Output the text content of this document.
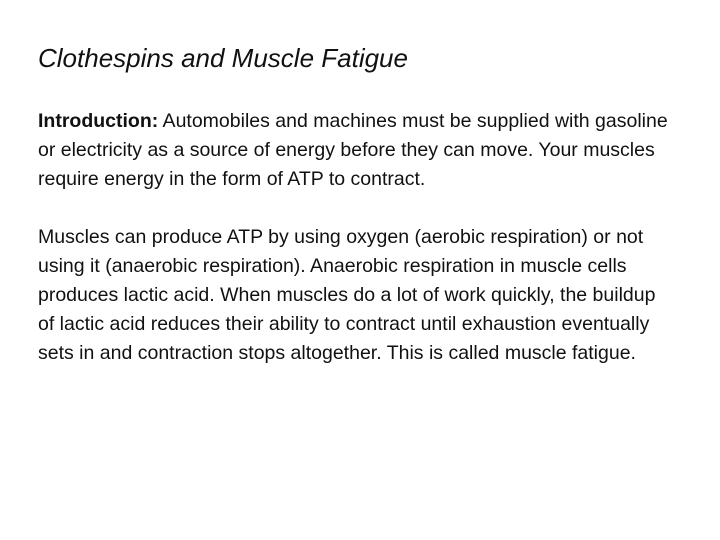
Clothespins and Muscle Fatigue

Introduction: Automobiles and machines must be supplied with gasoline or electricity as a source of energy before they can move. Your muscles require energy in the form of ATP to contract.

Muscles can produce ATP by using oxygen (aerobic respiration) or not using it (anaerobic respiration). Anaerobic respiration in muscle cells produces lactic acid. When muscles do a lot of work quickly, the buildup of lactic acid reduces their ability to contract until exhaustion eventually sets in and contraction stops altogether. This is called muscle fatigue.
